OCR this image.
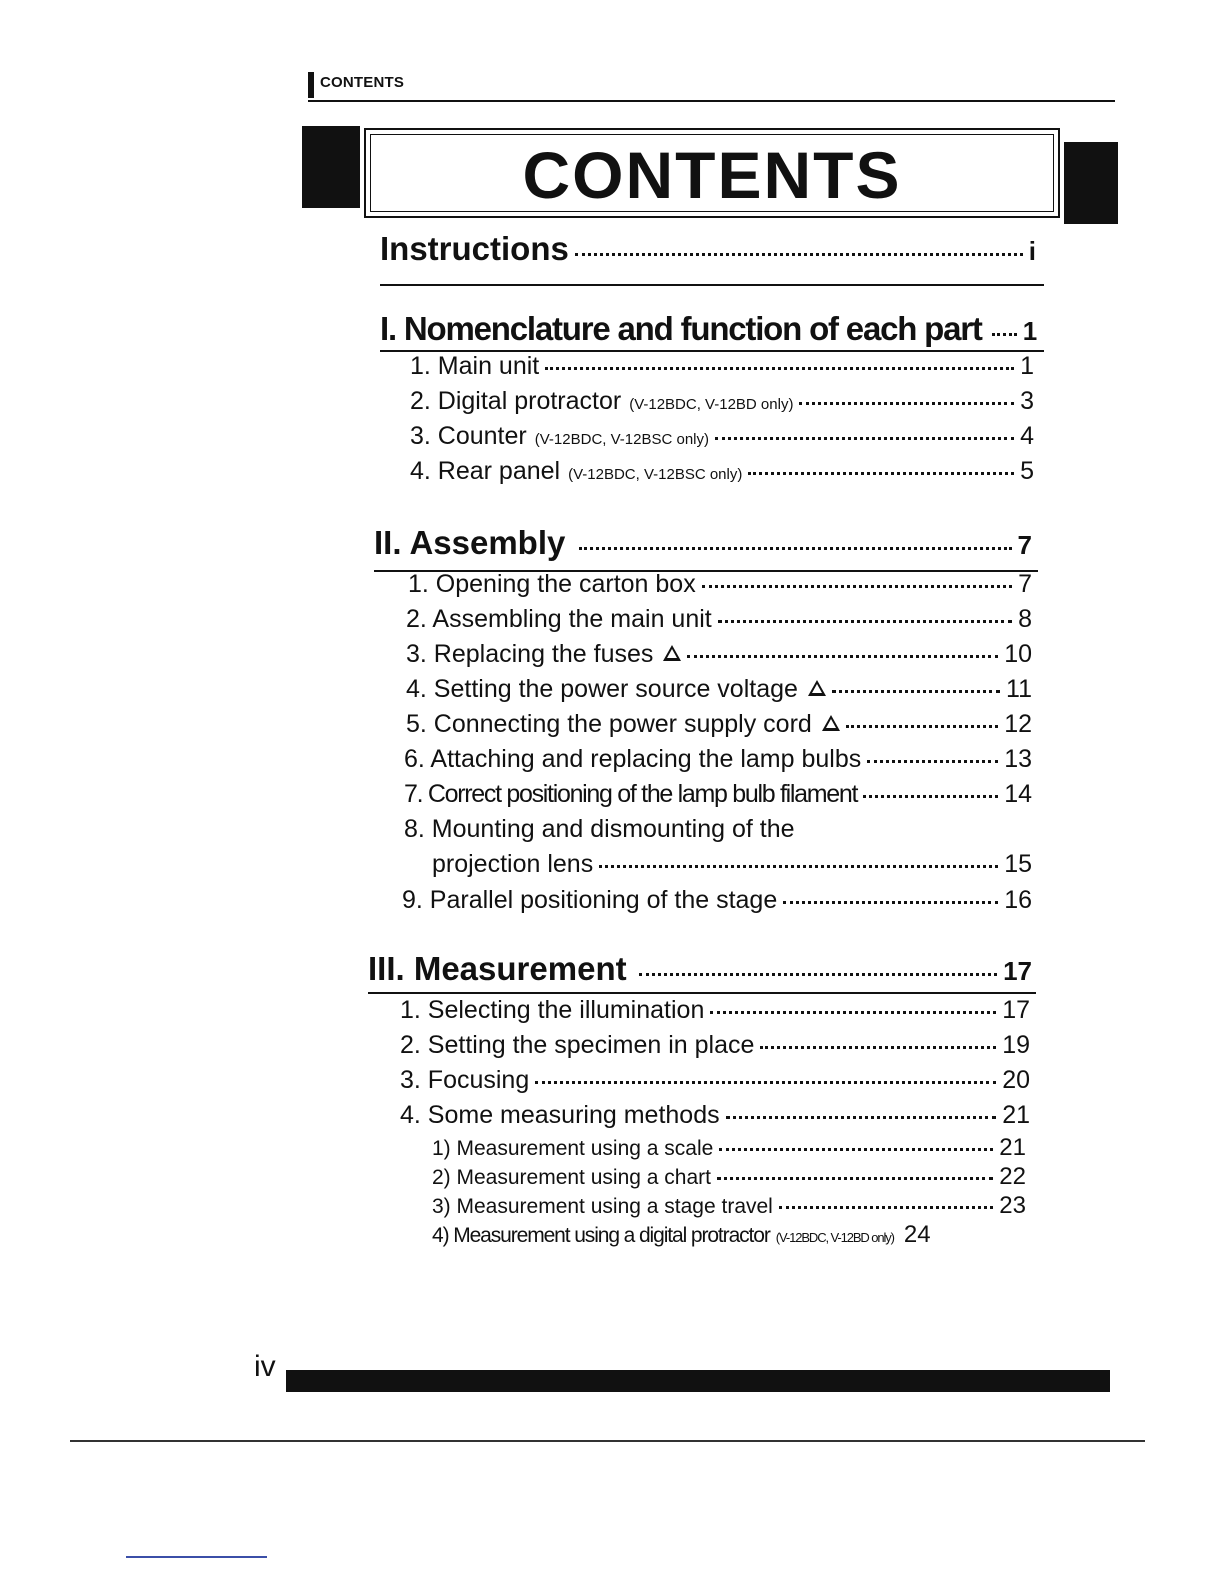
CONTENTS
CONTENTS
Instructions	i
I. Nomenclature and function of each part 1
1. Main unit	1
2. Digital protractor (V-12BDC, V-12BD only)	3
3. Counter (V-12BDC, V-12BSC only)	4
4. Rear panel (V-12BDC, V-12BSC only)	5
II. Assembly	7
1. Opening the carton box	7
2. Assembling the main unit	8
3. Replacing the fuses	10
4. Setting the power source voltage	11
5. Connecting the power supply cord	12
6. Attaching and replacing the lamp bulbs	13
7. Correct positioning of the lamp bulb filament	14
8. Mounting and dismounting of the
projection lens	15
9. Parallel positioning of the stage	16
III. Measurement	17
1. Selecting the illumination	17
2. Setting the specimen in place	19
3. Focusing	20
4. Some measuring methods	21
1) Measurement using a scale	21
2) Measurement using a chart	22
3) Measurement using a stage travel	23
4) Measurement using a digital protractor (V-12BDC, V-12BD only) 24
iv
